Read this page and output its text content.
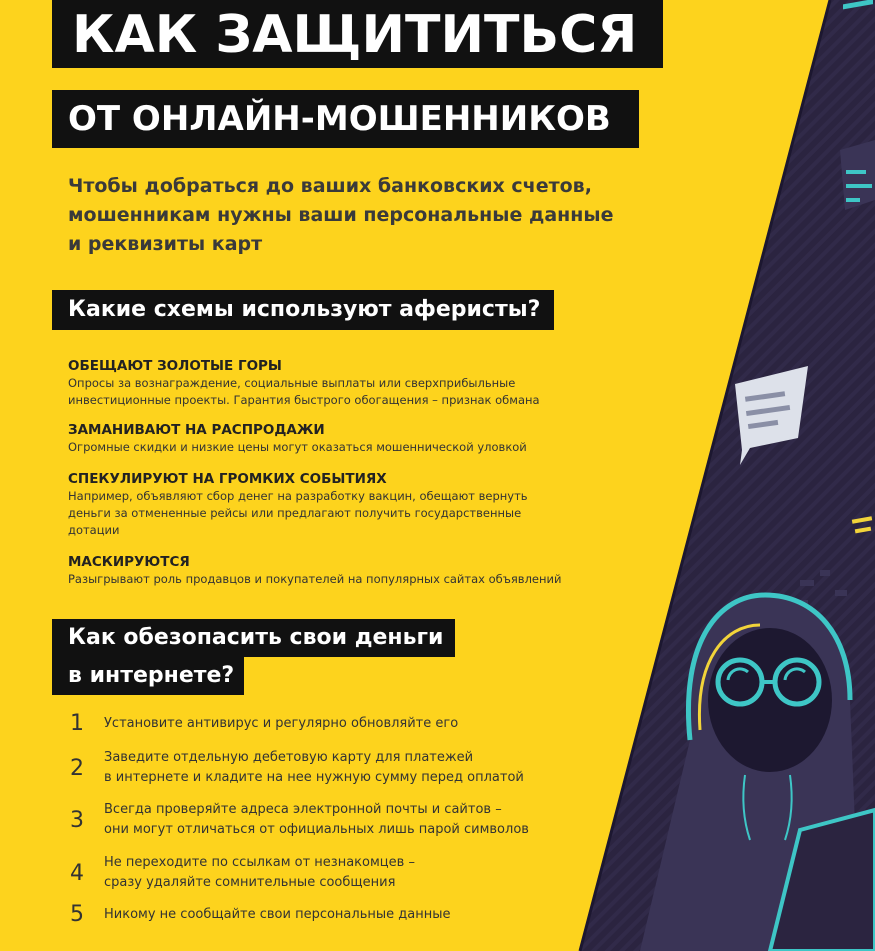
КАК ЗАЩИТИТЬСЯ
ОТ ОНЛАЙН-МОШЕННИКОВ
Чтобы добраться до ваших банковских счетов,
мошенникам нужны ваши персональные данные
и реквизиты карт
Какие схемы используют аферисты?
ОБЕЩАЮТ ЗОЛОТЫЕ ГОРЫ
Опросы за вознаграждение, социальные выплаты или сверхприбыльные
инвестиционные проекты. Гарантия быстрого обогащения – признак обмана
ЗАМАНИВАЮТ НА РАСПРОДАЖИ
Огромные скидки и низкие цены могут оказаться мошеннической уловкой
СПЕКУЛИРУЮТ НА ГРОМКИХ СОБЫТИЯХ
Например, объявляют сбор денег на разработку вакцин, обещают вернуть
деньги за отмененные рейсы или предлагают получить государственные
дотации
МАСКИРУЮТСЯ
Разыгрывают роль продавцов и покупателей на популярных сайтах объявлений
Как обезопасить свои деньги
в интернете?
1	Установите антивирус и регулярно обновляйте его
2	Заведите отдельную дебетовую карту для платежей
в интернете и кладите на нее нужную сумму перед оплатой
3	Всегда проверяйте адреса электронной почты и сайтов –
они могут отличаться от официальных лишь парой символов
4	Не переходите по ссылкам от незнакомцев –
сразу удаляйте сомнительные сообщения
5	Никому не сообщайте свои персональные данные
